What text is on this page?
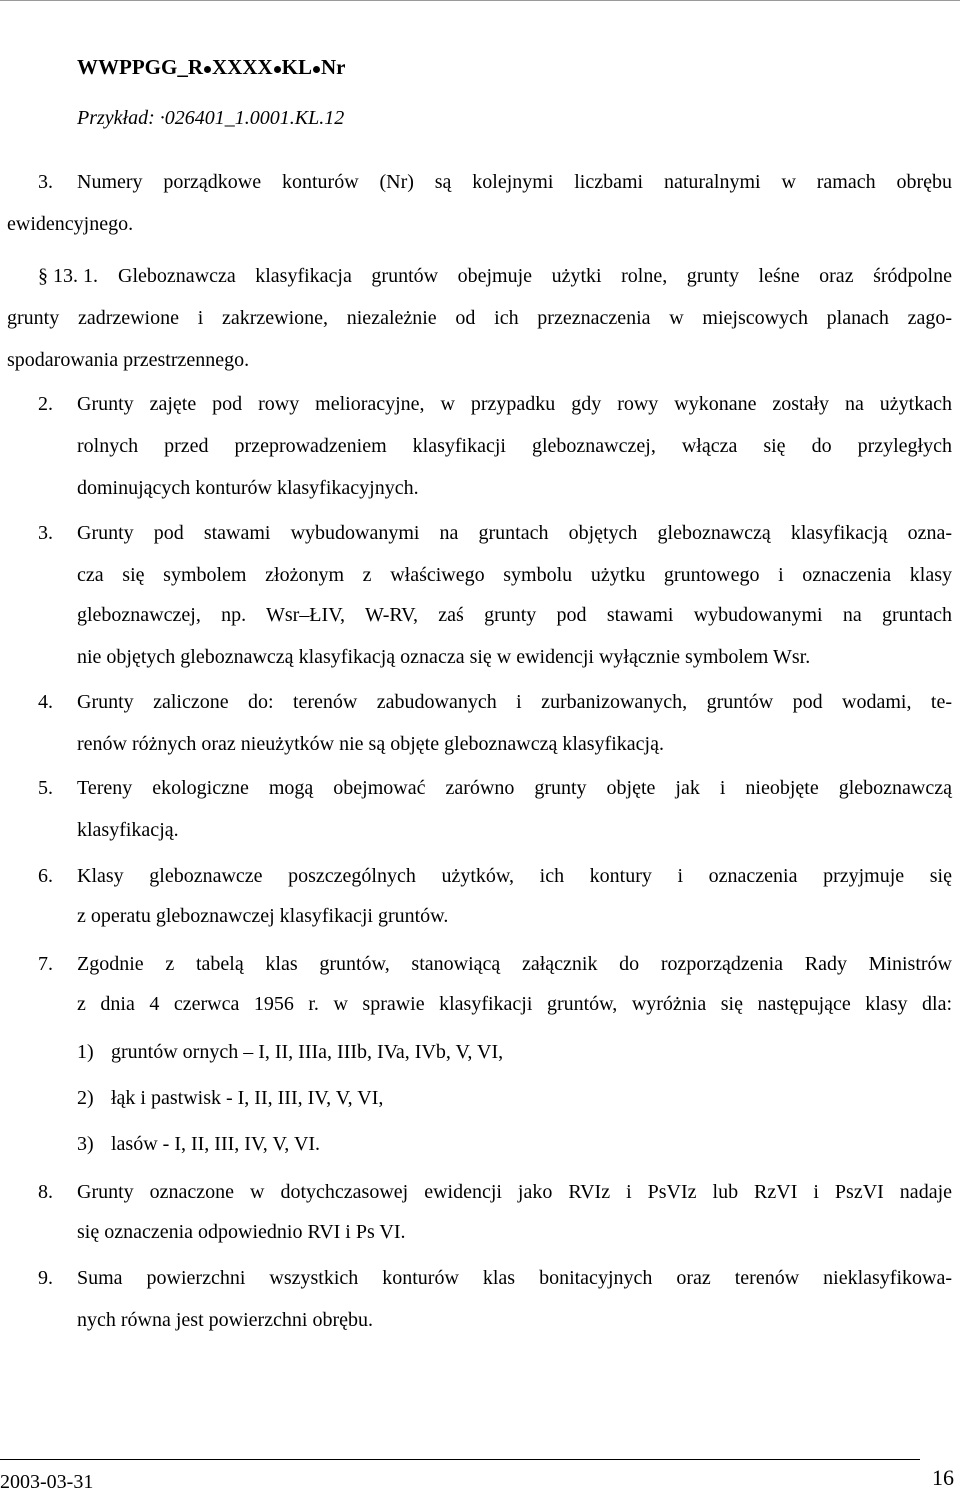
WWPPGG_R XXXX KL Nr
Przykład: ·026401_1.0001.KL.12
3. Numery porządkowe konturów (Nr) są kolejnymi liczbami naturalnymi w ramach obrębu
ewidencyjnego.
§ 13. 1. Gleboznawcza klasyfikacja gruntów obejmuje użytki rolne, grunty leśne oraz śródpolne
grunty zadrzewione i zakrzewione, niezależnie od ich przeznaczenia w miejscowych planach zago-
spodarowania przestrzennego.
2. Grunty zajęte pod rowy melioracyjne, w przypadku gdy rowy wykonane zostały na użytkach
rolnych przed przeprowadzeniem klasyfikacji gleboznawczej, włącza się do przyległych
dominujących konturów klasyfikacyjnych.
3. Grunty pod stawami wybudowanymi na gruntach objętych gleboznawczą klasyfikacją ozna-
cza się symbolem złożonym z właściwego symbolu użytku gruntowego i oznaczenia klasy
gleboznawczej, np. Wsr–ŁIV, W-RV, zaś grunty pod stawami wybudowanymi na gruntach
nie objętych gleboznawczą klasyfikacją oznacza się w ewidencji wyłącznie symbolem Wsr.
4. Grunty zaliczone do: terenów zabudowanych i zurbanizowanych, gruntów pod wodami, te-
renów różnych oraz nieużytków nie są objęte gleboznawczą klasyfikacją.
5. Tereny ekologiczne mogą obejmować zarówno grunty objęte jak i nieobjęte gleboznawczą
klasyfikacją.
6. Klasy gleboznawcze poszczególnych użytków, ich kontury i oznaczenia przyjmuje się
z operatu gleboznawczej klasyfikacji gruntów.
7. Zgodnie z tabelą klas gruntów, stanowiącą załącznik do rozporządzenia Rady Ministrów
z dnia 4 czerwca 1956 r. w sprawie klasyfikacji gruntów, wyróżnia się następujące klasy dla:
1) gruntów ornych – I, II, IIIa, IIIb, IVa, IVb, V, VI,
2) łąk i pastwisk - I, II, III, IV, V, VI,
3) lasów - I, II, III, IV, V, VI.
8. Grunty oznaczone w dotychczasowej ewidencji jako RVIz i PsVIz lub RzVI i PszVI nadaje
się oznaczenia odpowiednio RVI i Ps VI.
9. Suma powierzchni wszystkich konturów klas bonitacyjnych oraz terenów nieklasyfikowa-
nych równa jest powierzchni obrębu.
2003-03-31	16
